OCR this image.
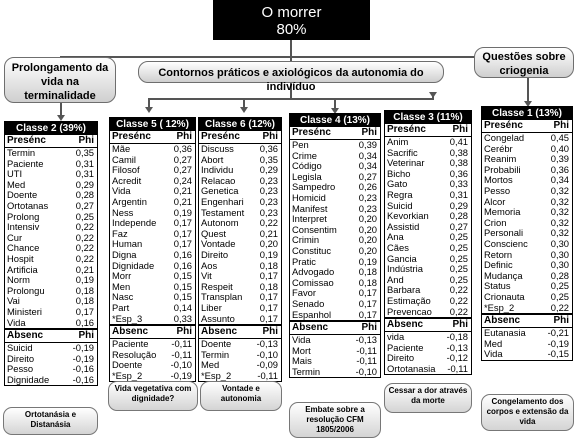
O morrer
80%
Prolongamento da vida na terminalidade
Contornos práticos e axiológicos da autonomia do indivíduo
Questões sobre criogenia
Classe 2 (39%)
Presénc	Phi
Termin	0,35
Paciente	0,31
UTI	0,31
Med	0,29
Doente	0,28
Ortotanas	0,27
Prolong	0,25
Intensiv	0,22
Cur	0,22
Chance	0,22
Hospit	0,22
Artificia	0,21
Norm	0,19
Prolongu	0,18
Vai	0,18
Ministeri	0,17
Vida	0,16
Absenc	Phi
Suicid	-0,19
Direito	-0,19
Pesso	-0,16
Dignidade	-0,16
Classe 5 ( 12%)
Presénc	Phi
Mãe	0,36
Camil	0,27
Filosof	0,27
Acredit	0,24
Vida	0,21
Argentin	0,21
Ness	0,19
Independe	0,17
Faz	0,17
Human	0,17
Digna	0,16
Dignidade	0,16
Morr	0,15
Men	0,15
Nasc	0,15
Part	0,14
*Esp_3	0,33
Absenc	Phi
Paciente	-0,11
Resolução	-0,11
Doente	-0,10
*Esp_2	-0,19
Classe 6 (12%)
Presénc	Phi
Discuss	0,36
Abort	0,35
Individu	0,29
Relacao	0,23
Genetica	0,23
Engenhari	0,23
Testament	0,23
Autonom	0,22
Quest	0,21
Vontade	0,20
Direito	0,19
Aos	0,18
Vit	0,17
Respeit	0,18
Transplan	0,17
Liber	0,17
Assunto	0,17
Absenc	Phi
Doente	-0,13
Termin	-0,10
Med	-0,09
*Esp_2	-0,11
Classe 4 (13%)
Presénc	Phi
Pen	0,39
Crime	0,34
Código	0,34
Legisla	0,27
Sampedro	0,26
Homicid	0,23
Manifest	0,23
Interpret	0,20
Consentim	0,20
Crimin	0,20
Constituc	0,20
Pratic	0,19
Advogado	0,18
Comissao	0,18
Favor	0,17
Senado	0,17
Espanhol	0,17
Absenc	Phi
Vida	-0,13
Mort	-0,11
Mais	-0,11
Termin	-0,10
Classe 3 (11%)
Presénc	Phi
Anim	0,41
Sacrific	0,38
Veterinar	0,38
Bicho	0,36
Gato	0,33
Regra	0,31
Suicid	0,29
Kevorkian	0,28
Assistid	0,27
Ana	0,25
Cães	0,25
Gancia	0,25
Indústria	0,25
And	0,25
Barbara	0,22
Estimação	0,22
Prevencao	0,22
Absenc	Phi
vida	-0,18
Paciente	-0,13
Direito	-0,12
Ortotanasia	-0,11
Classe 1 (13%)
Presénc	Phi
Congelad	0,45
Cerébr	0,40
Reanim	0,39
Probabili	0,36
Mortos	0,34
Pesso	0,32
Alcor	0,32
Memoria	0,32
Crion	0,32
Personali	0,32
Conscienc	0,30
Retorn	0,30
Definic	0,30
Mudança	0,28
Status	0,25
Crionauta	0,25
*Esp_2	0,22
Absenc	Phi
Eutanasia	-0,21
Med	-0,19
Vida	-0,15
Ortotanásia e Distanásia
Vida vegetativa com dignidade?
Vontade e autonomia
Embate sobre a resolução CFM 1805/2006
Cessar a dor através da morte	Congelamento dos corpos e extensão da vida
